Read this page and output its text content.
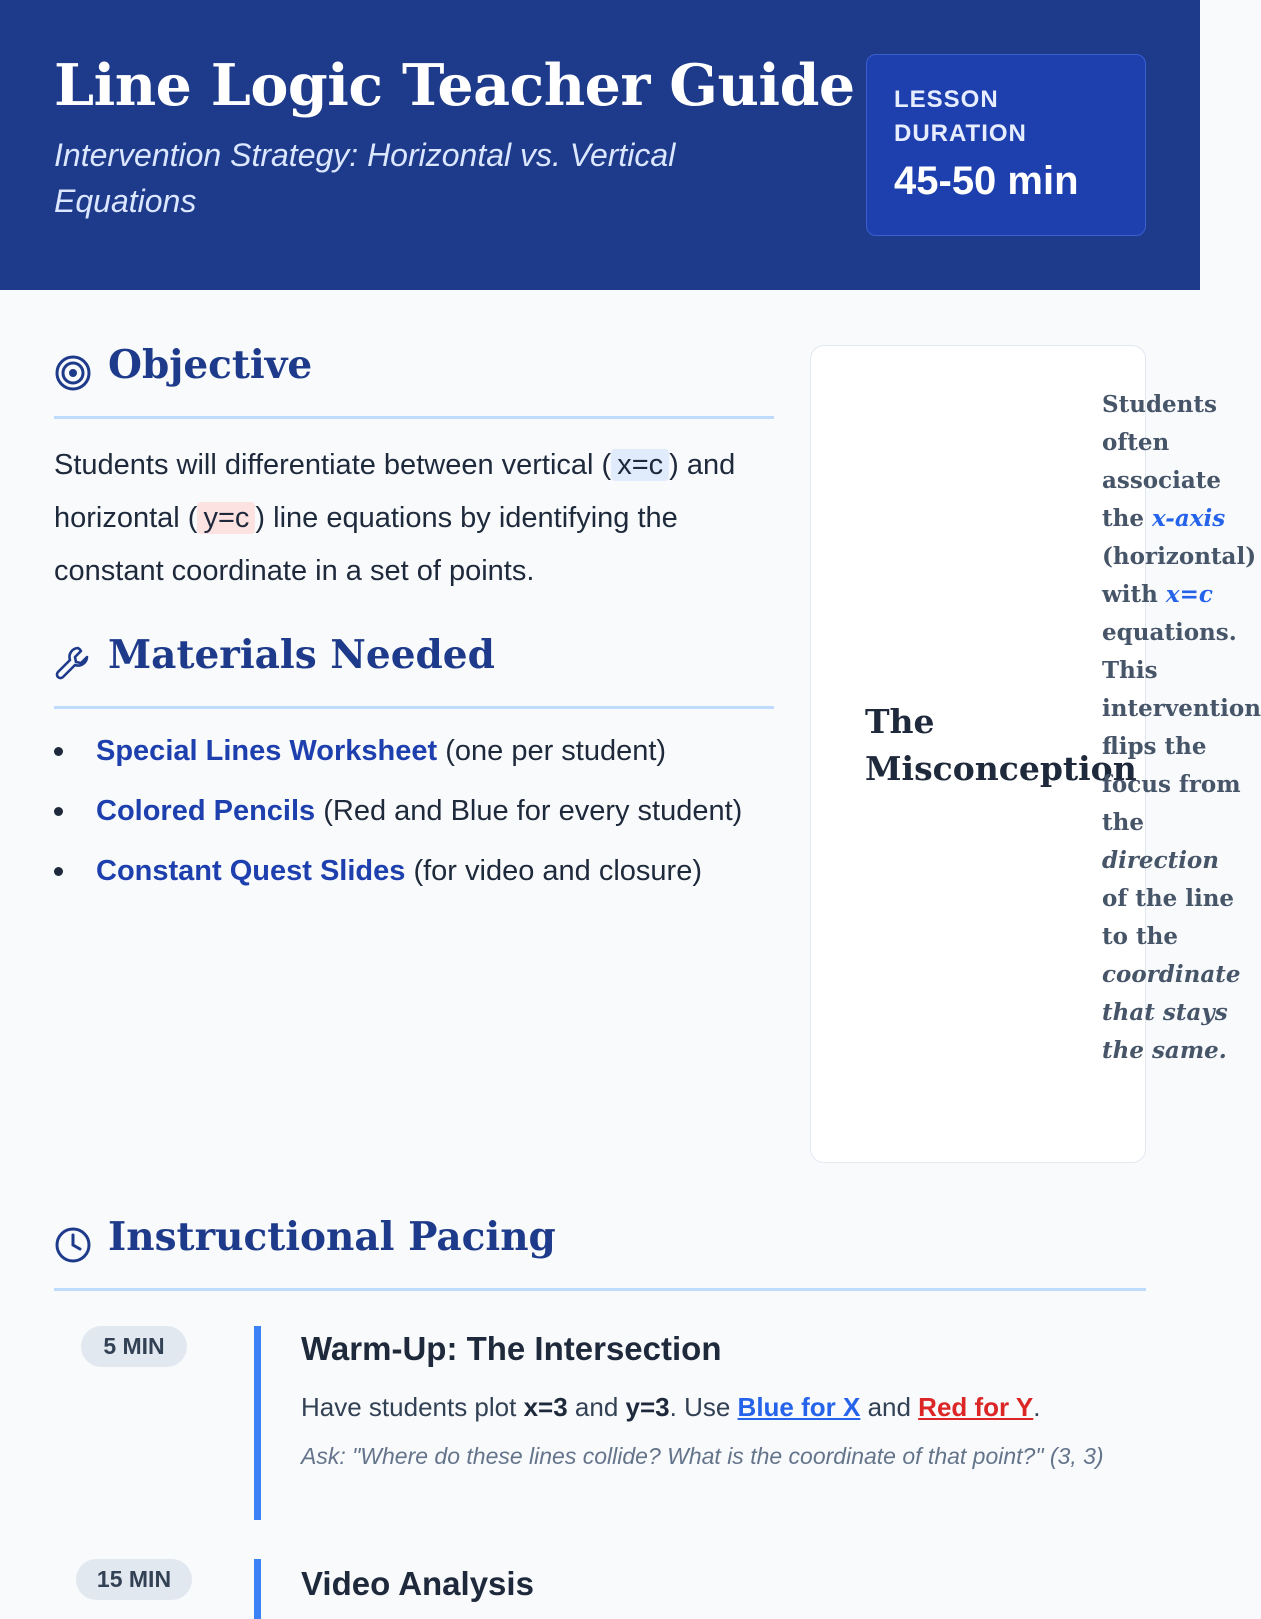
Line Logic Teacher Guide

Intervention Strategy: Horizontal vs. Vertical Equations

LESSON DURATION
45-50 min
Objective

Students will differentiate between vertical ( x=c ) and horizontal ( y=c ) line equations by identifying the constant coordinate in a set of points.

Materials Needed
Special Lines Worksheet (one per student)
Colored Pencils (Red and Blue for every student)
Constant Quest Slides (for video and closure)
The Misconception

Students often associate the x-axis (horizontal) with x=c equations. This intervention flips the focus from the direction of the line to the coordinate that stays the same.

Instructional Pacing
5 MIN	Warm-Up: The Intersection

Have students plot x=3 and y=3. Use Blue for X and Red for Y.

Ask: "Where do these lines collide? What is the coordinate of that point?" (3, 3)

15 MIN	Video Analysis
